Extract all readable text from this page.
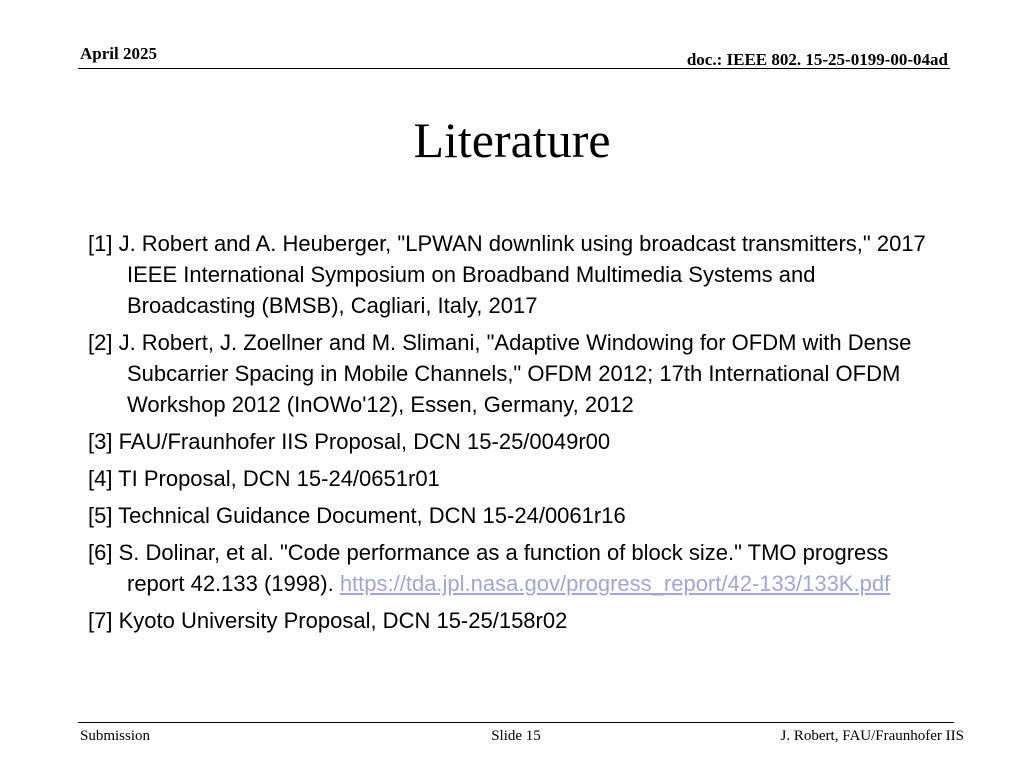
April 2025	doc.: IEEE 802. 15-25-0199-00-04ad
Literature
[1] J. Robert and A. Heuberger, "LPWAN downlink using broadcast transmitters," 2017 IEEE International Symposium on Broadband Multimedia Systems and Broadcasting (BMSB), Cagliari, Italy, 2017
[2] J. Robert, J. Zoellner and M. Slimani, "Adaptive Windowing for OFDM with Dense Subcarrier Spacing in Mobile Channels," OFDM 2012; 17th International OFDM Workshop 2012 (InOWo'12), Essen, Germany, 2012
[3] FAU/Fraunhofer IIS Proposal, DCN 15-25/0049r00
[4] TI Proposal, DCN 15-24/0651r01
[5] Technical Guidance Document, DCN 15-24/0061r16
[6] S. Dolinar, et al. "Code performance as a function of block size." TMO progress report 42.133 (1998). https://tda.jpl.nasa.gov/progress_report/42-133/133K.pdf
[7] Kyoto University Proposal, DCN 15-25/158r02
Submission	Slide 15	J. Robert, FAU/Fraunhofer IIS
